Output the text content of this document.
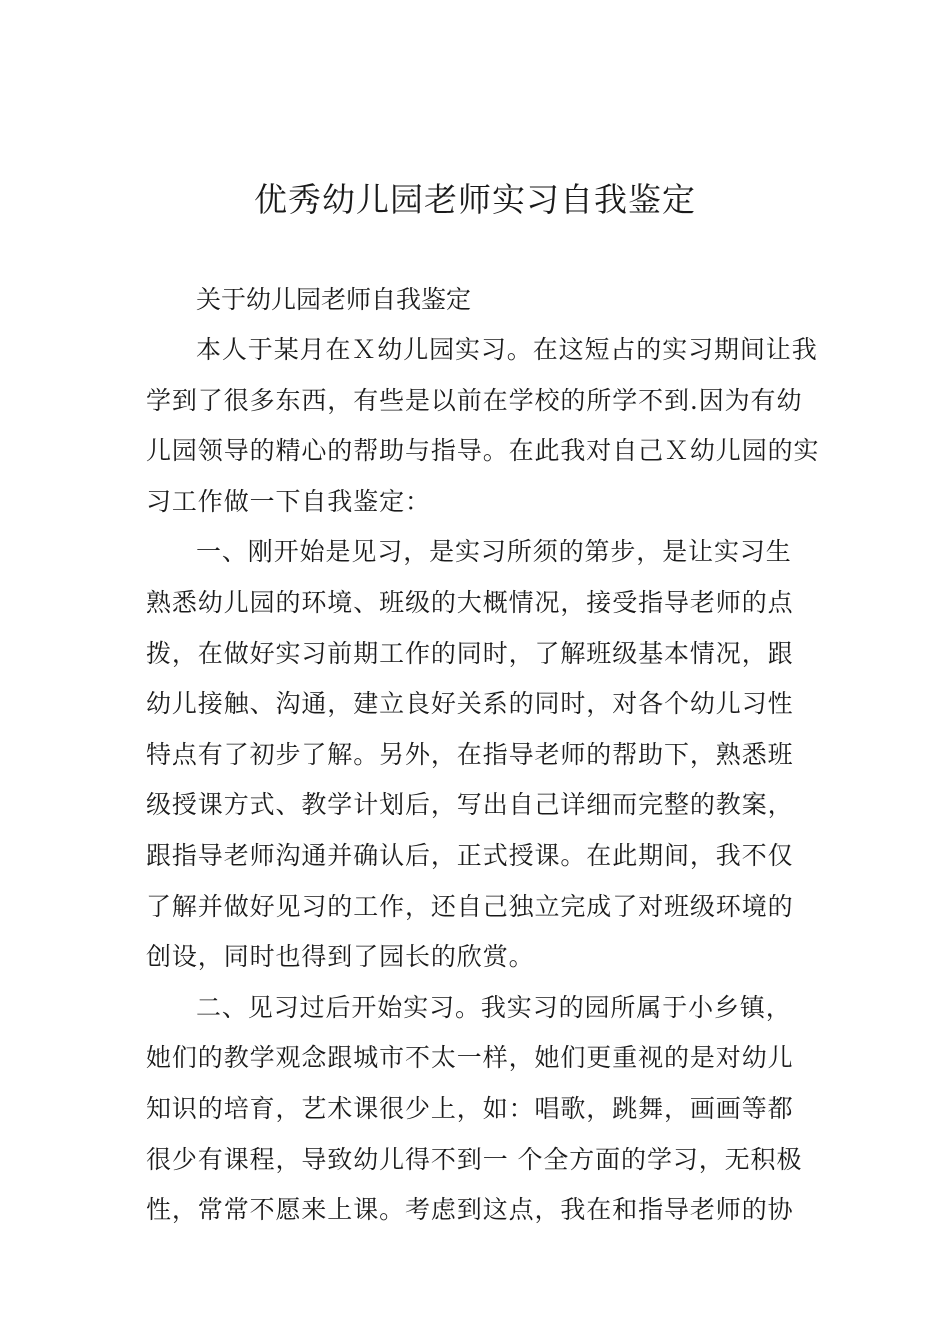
优秀幼儿园老师实习自我鉴定

关于幼儿园老师自我鉴定

本人于某月在Ｘ幼儿园实习。在这短占的实习期间让我
学到了很多东西，有些是以前在学校的所学不到.因为有幼
儿园领导的精心的帮助与指导。在此我对自己Ｘ幼儿园的实
习工作做一下自我鉴定：
一、刚开始是见习，是实习所须的第步，是让实习生
熟悉幼儿园的环境、班级的大概情况，接受指导老师的点
拨，在做好实习前期工作的同时，了解班级基本情况，跟
幼儿接触、沟通，建立良好关系的同时，对各个幼儿习性
特点有了初步了解。另外，在指导老师的帮助下，熟悉班
级授课方式、教学计划后，写出自己详细而完整的教案，
跟指导老师沟通并确认后，正式授课。在此期间，我不仅
了解并做好见习的工作，还自己独立完成了对班级环境的
创设，同时也得到了园长的欣赏。
二、见习过后开始实习。我实习的园所属于小乡镇，
她们的教学观念跟城市不太一样，她们更重视的是对幼儿
知识的培育，艺术课很少上，如：唱歌，跳舞，画画等都
很少有课程，导致幼儿得不到一 个全方面的学习，无积极
性，常常不愿来上课。考虑到这点，我在和指导老师的协
